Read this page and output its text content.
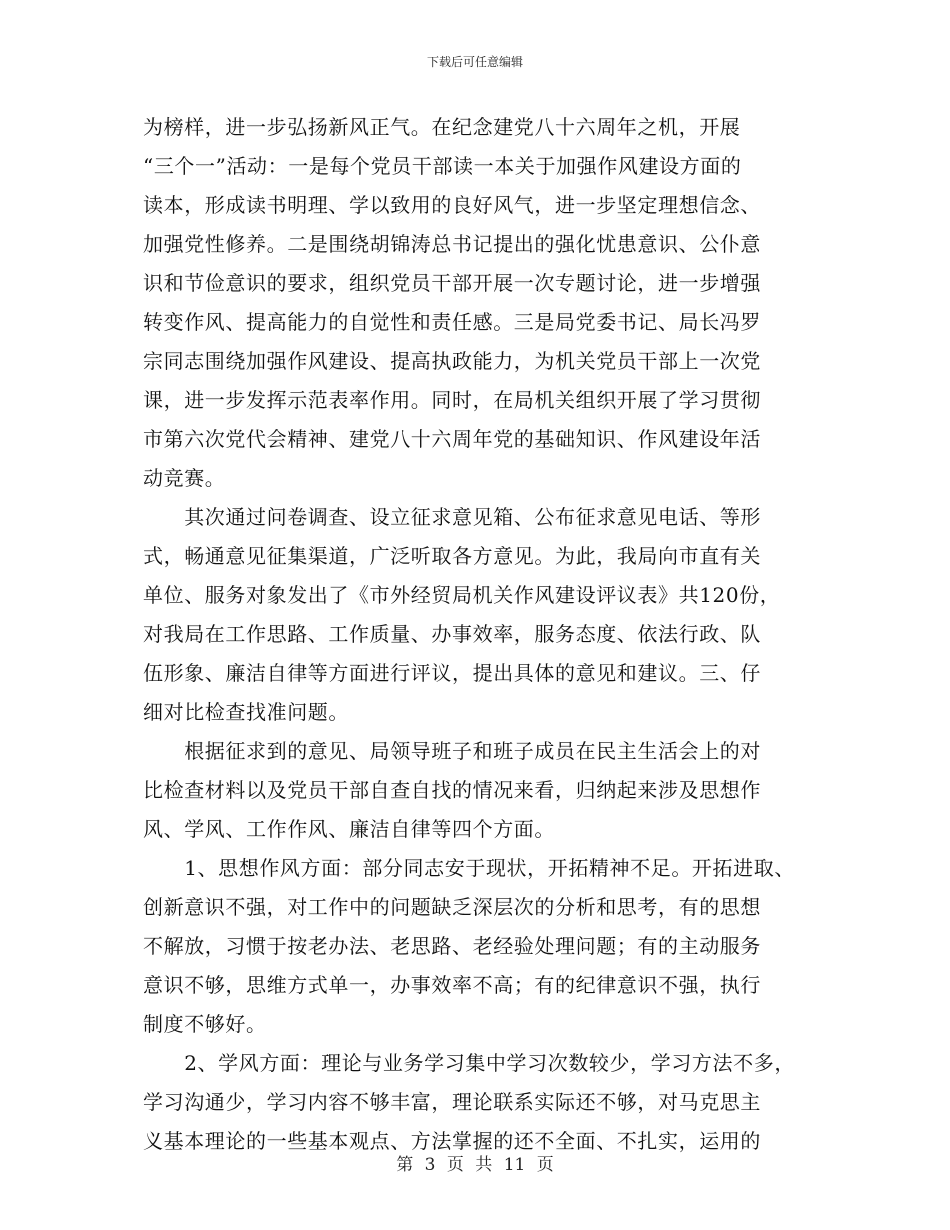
下载后可任意编辑
为榜样，进一步弘扬新风正气。在纪念建党八十六周年之机，开展
“三个一”活动：一是每个党员干部读一本关于加强作风建设方面的
读本，形成读书明理、学以致用的良好风气，进一步坚定理想信念、
加强党性修养。二是围绕胡锦涛总书记提出的强化忧患意识、公仆意
识和节俭意识的要求，组织党员干部开展一次专题讨论，进一步增强
转变作风、提高能力的自觉性和责任感。三是局党委书记、局长冯罗
宗同志围绕加强作风建设、提高执政能力，为机关党员干部上一次党
课，进一步发挥示范表率作用。同时，在局机关组织开展了学习贯彻
市第六次党代会精神、建党八十六周年党的基础知识、作风建设年活
动竞赛。
　　其次通过问卷调查、设立征求意见箱、公布征求意见电话、等形
式，畅通意见征集渠道，广泛听取各方意见。为此，我局向市直有关
单位、服务对象发出了《市外经贸局机关作风建设评议表》共120份，
对我局在工作思路、工作质量、办事效率，服务态度、依法行政、队
伍形象、廉洁自律等方面进行评议，提出具体的意见和建议。三、仔
细对比检查找准问题。
　　根据征求到的意见、局领导班子和班子成员在民主生活会上的对
比检查材料以及党员干部自查自找的情况来看，归纳起来涉及思想作
风、学风、工作作风、廉洁自律等四个方面。
　　1、思想作风方面：部分同志安于现状，开拓精神不足。开拓进取、
创新意识不强，对工作中的问题缺乏深层次的分析和思考，有的思想
不解放，习惯于按老办法、老思路、老经验处理问题；有的主动服务
意识不够，思维方式单一，办事效率不高；有的纪律意识不强，执行
制度不够好。
　　2、学风方面：理论与业务学习集中学习次数较少，学习方法不多，
学习沟通少，学习内容不够丰富，理论联系实际还不够，对马克思主
义基本理论的一些基本观点、方法掌握的还不全面、不扎实，运用的
第 3 页 共 11 页
